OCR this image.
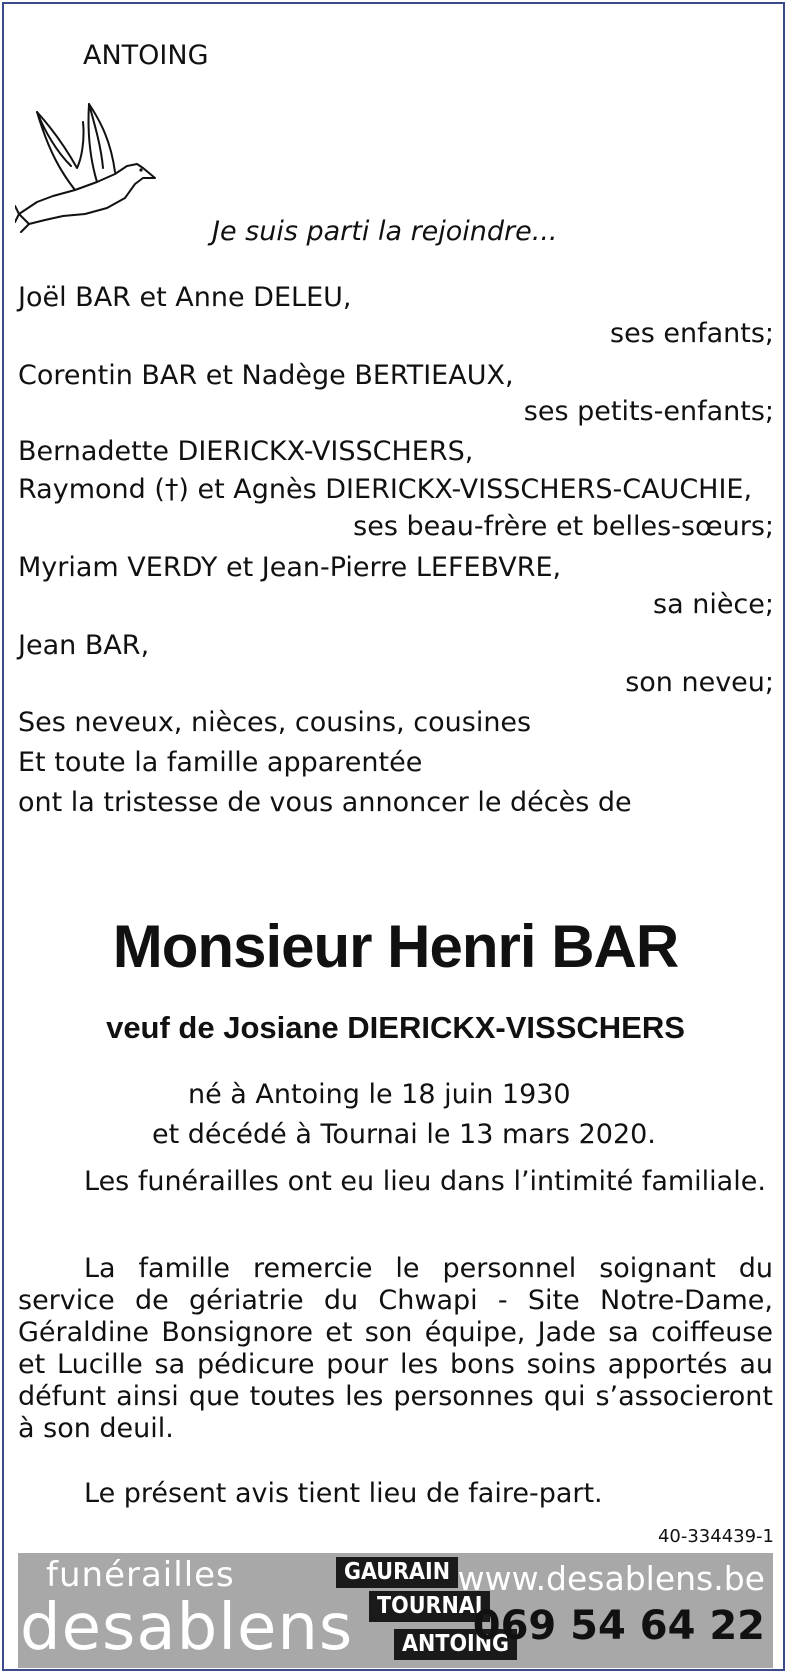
ANTOING
Je suis parti la rejoindre...
Joël BAR et Anne DELEU,
ses enfants;
Corentin BAR et Nadège BERTIEAUX,
ses petits-enfants;
Bernadette DIERICKX-VISSCHERS,
Raymond (†) et Agnès DIERICKX-VISSCHERS-CAUCHIE,
ses beau-frère et belles-sœurs;
Myriam VERDY et Jean-Pierre LEFEBVRE,
sa nièce;
Jean BAR,
son neveu;
Ses neveux, nièces, cousins, cousines
Et toute la famille apparentée
ont la tristesse de vous annoncer le décès de
Monsieur Henri BAR
veuf de Josiane DIERICKX-VISSCHERS
né à Antoing le 18 juin 1930
et décédé à Tournai le 13 mars 2020.
Les funérailles ont eu lieu dans l’intimité familiale.
La famille remercie le personnel soignant du service de gériatrie du Chwapi - Site Notre-Dame, Géraldine Bonsignore et son équipe, Jade sa coiffeuse et Lucille sa pédicure pour les bons soins apportés au défunt ainsi que toutes les personnes qui s’associeront à son deuil.
Le présent avis tient lieu de faire-part.
40-334439-1
funérailles
desablens
GAURAIN
TOURNAI
ANTOING
www.desablens.be
069 54 64 22
